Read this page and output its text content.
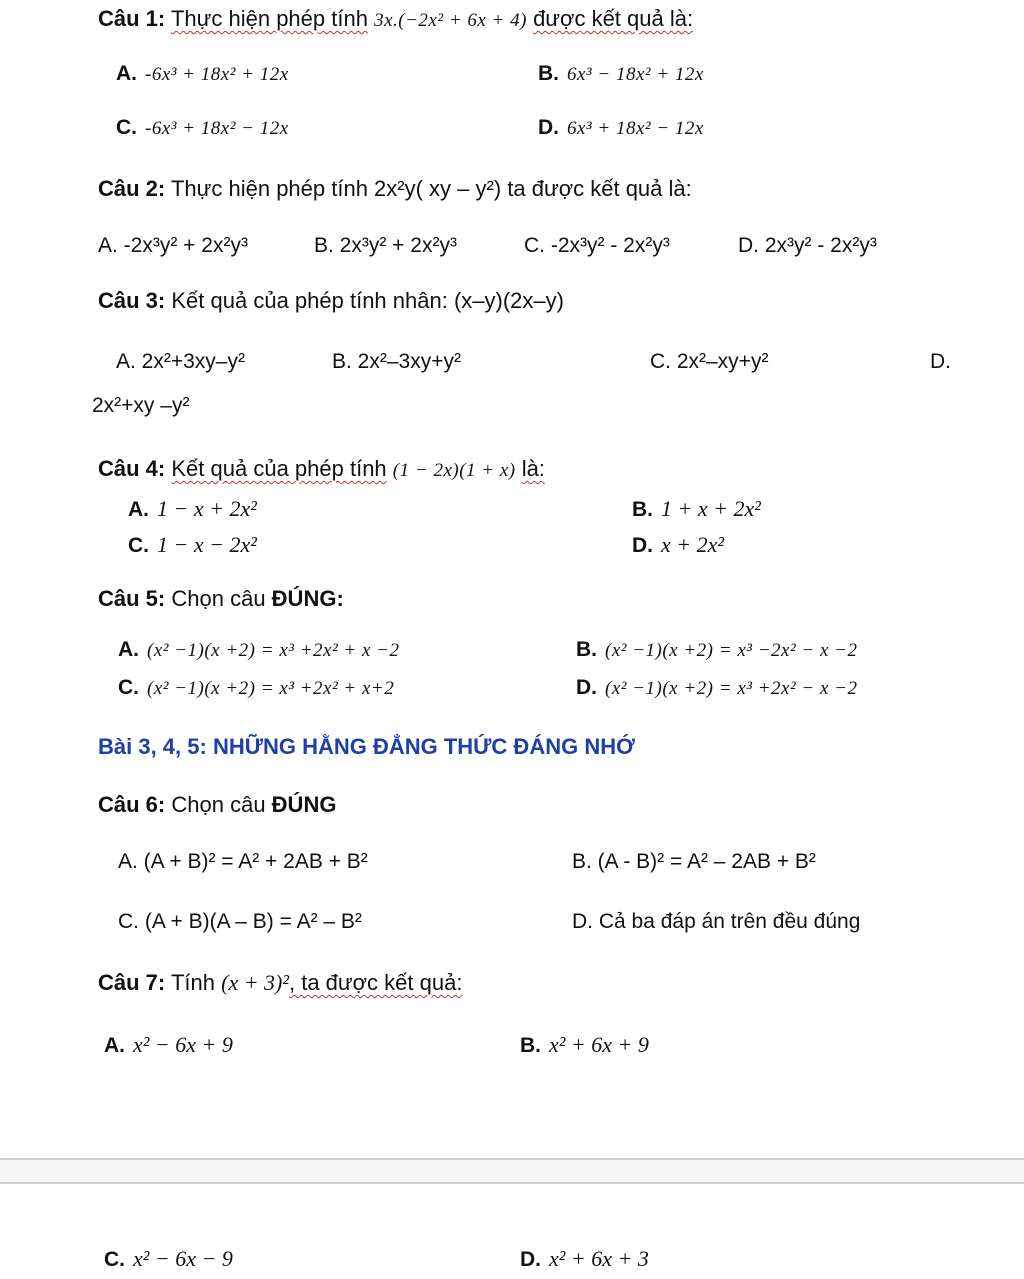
Câu 1: Thực hiện phép tính 3x.(−2x² + 6x + 4) được kết quả là:
A. -6x³ + 18x² + 12x	B. 6x³ − 18x² + 12x
C. -6x³ + 18x² − 12x	D. 6x³ + 18x² − 12x
Câu 2: Thực hiện phép tính 2x²y( xy – y²) ta được kết quả là:
A. -2x³y² + 2x²y³	B. 2x³y² + 2x²y³	C. -2x³y² - 2x²y³	D. 2x³y² - 2x²y³
Câu 3: Kết quả của phép tính nhân: (x–y)(2x–y)
A. 2x²+3xy–y²	B. 2x²–3xy+y²	C. 2x²–xy+y²	D.
2x²+xy –y²
Câu 4: Kết quả của phép tính (1 − 2x)(1 + x) là:
A. 1 − x + 2x²	B. 1 + x + 2x²
C. 1 − x − 2x²	D. x + 2x²
Câu 5: Chọn câu ĐÚNG:
A. (x² −1)(x +2) = x³ +2x² + x −2	B. (x² −1)(x +2) = x³ −2x² − x −2
C. (x² −1)(x +2) = x³ +2x² + x+2	D. (x² −1)(x +2) = x³ +2x² − x −2
Bài 3, 4, 5: NHỮNG HẰNG ĐẲNG THỨC ĐÁNG NHỚ
Câu 6: Chọn câu ĐÚNG
A. (A + B)² = A² + 2AB + B²	B. (A - B)² = A² – 2AB + B²
C. (A + B)(A – B) = A² – B²	D. Cả ba đáp án trên đều đúng
Câu 7: Tính (x + 3)², ta được kết quả:
A. x² − 6x + 9	B. x² + 6x + 9
C. x² − 6x − 9	D. x² + 6x + 3
